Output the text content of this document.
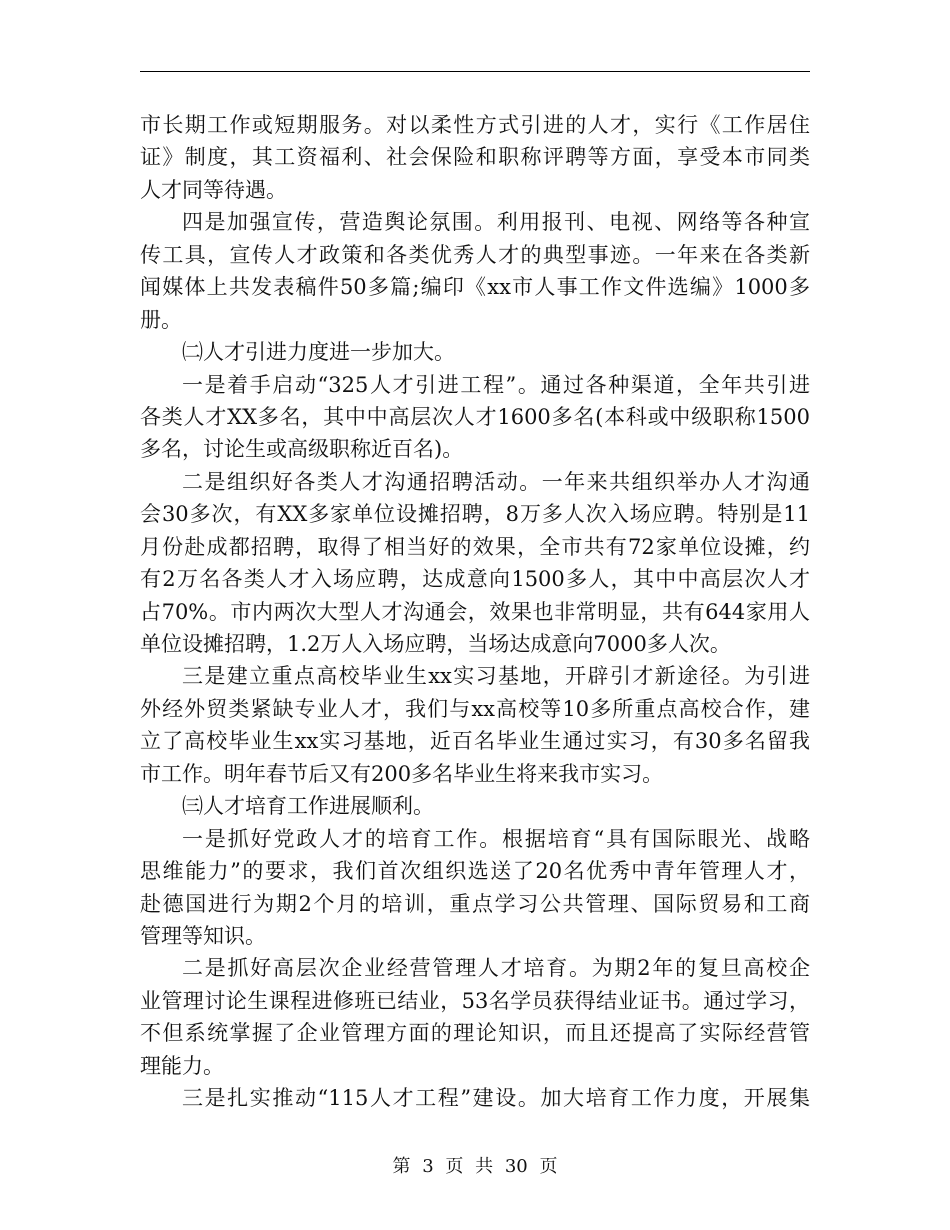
市长期工作或短期服务。对以柔性方式引进的人才，实行《工作居住
证》制度，其工资福利、社会保险和职称评聘等方面，享受本市同类
人才同等待遇。
四是加强宣传，营造舆论氛围。利用报刊、电视、网络等各种宣
传工具，宣传人才政策和各类优秀人才的典型事迹。一年来在各类新
闻媒体上共发表稿件50多篇;编印《xx市人事工作文件选编》1000多
册。
㈡人才引进力度进一步加大。
一是着手启动“325人才引进工程”。通过各种渠道，全年共引进
各类人才XX多名，其中中高层次人才1600多名(本科或中级职称1500
多名，讨论生或高级职称近百名)。
二是组织好各类人才沟通招聘活动。一年来共组织举办人才沟通
会30多次，有XX多家单位设摊招聘，8万多人次入场应聘。特别是11
月份赴成都招聘，取得了相当好的效果，全市共有72家单位设摊，约
有2万名各类人才入场应聘，达成意向1500多人，其中中高层次人才
占70%。市内两次大型人才沟通会，效果也非常明显，共有644家用人
单位设摊招聘，1.2万人入场应聘，当场达成意向7000多人次。
三是建立重点高校毕业生xx实习基地，开辟引才新途径。为引进
外经外贸类紧缺专业人才，我们与xx高校等10多所重点高校合作，建
立了高校毕业生xx实习基地，近百名毕业生通过实习，有30多名留我
市工作。明年春节后又有200多名毕业生将来我市实习。
㈢人才培育工作进展顺利。
一是抓好党政人才的培育工作。根据培育“具有国际眼光、战略
思维能力”的要求，我们首次组织选送了20名优秀中青年管理人才，
赴德国进行为期2个月的培训，重点学习公共管理、国际贸易和工商
管理等知识。
二是抓好高层次企业经营管理人才培育。为期2年的复旦高校企
业管理讨论生课程进修班已结业，53名学员获得结业证书。通过学习，
不但系统掌握了企业管理方面的理论知识，而且还提高了实际经营管
理能力。
三是扎实推动“115人才工程”建设。加大培育工作力度，开展集
第 3 页 共 30 页
